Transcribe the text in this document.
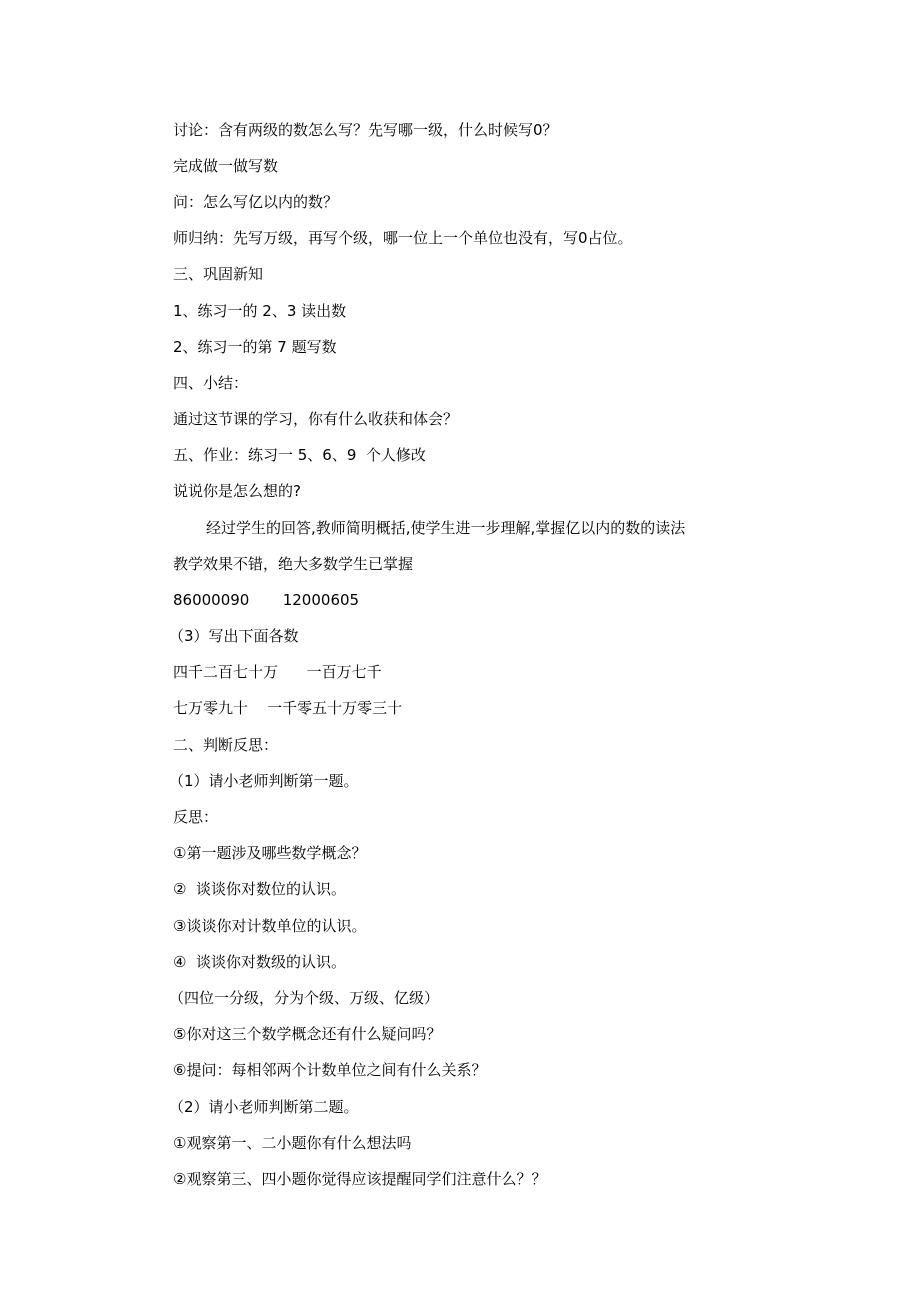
讨论：含有两级的数怎么写？先写哪一级，什么时候写0？
完成做一做写数
问：怎么写亿以内的数？
师归纳：先写万级，再写个级，哪一位上一个单位也没有，写0占位。
三、巩固新知
1、练习一的 2、3 读出数
2、练习一的第 7 题写数
四、小结：
通过这节课的学习，你有什么收获和体会？
五、作业：练习一 5、6、9  个人修改
说说你是怎么想的?
经过学生的回答,教师简明概括,使学生进一步理解,掌握亿以内的数的读法
教学效果不错，绝大多数学生已掌握
86000090       12000605
（3）写出下面各数
四千二百七十万      一百万七千
七万零九十    一千零五十万零三十
二、判断反思：
（1）请小老师判断第一题。
反思：
①第一题涉及哪些数学概念？
②  谈谈你对数位的认识。
③谈谈你对计数单位的认识。
④  谈谈你对数级的认识。
（四位一分级，分为个级、万级、亿级）
⑤你对这三个数学概念还有什么疑问吗？
⑥提问：每相邻两个计数单位之间有什么关系？
（2）请小老师判断第二题。
①观察第一、二小题你有什么想法吗
②观察第三、四小题你觉得应该提醒同学们注意什么？？
